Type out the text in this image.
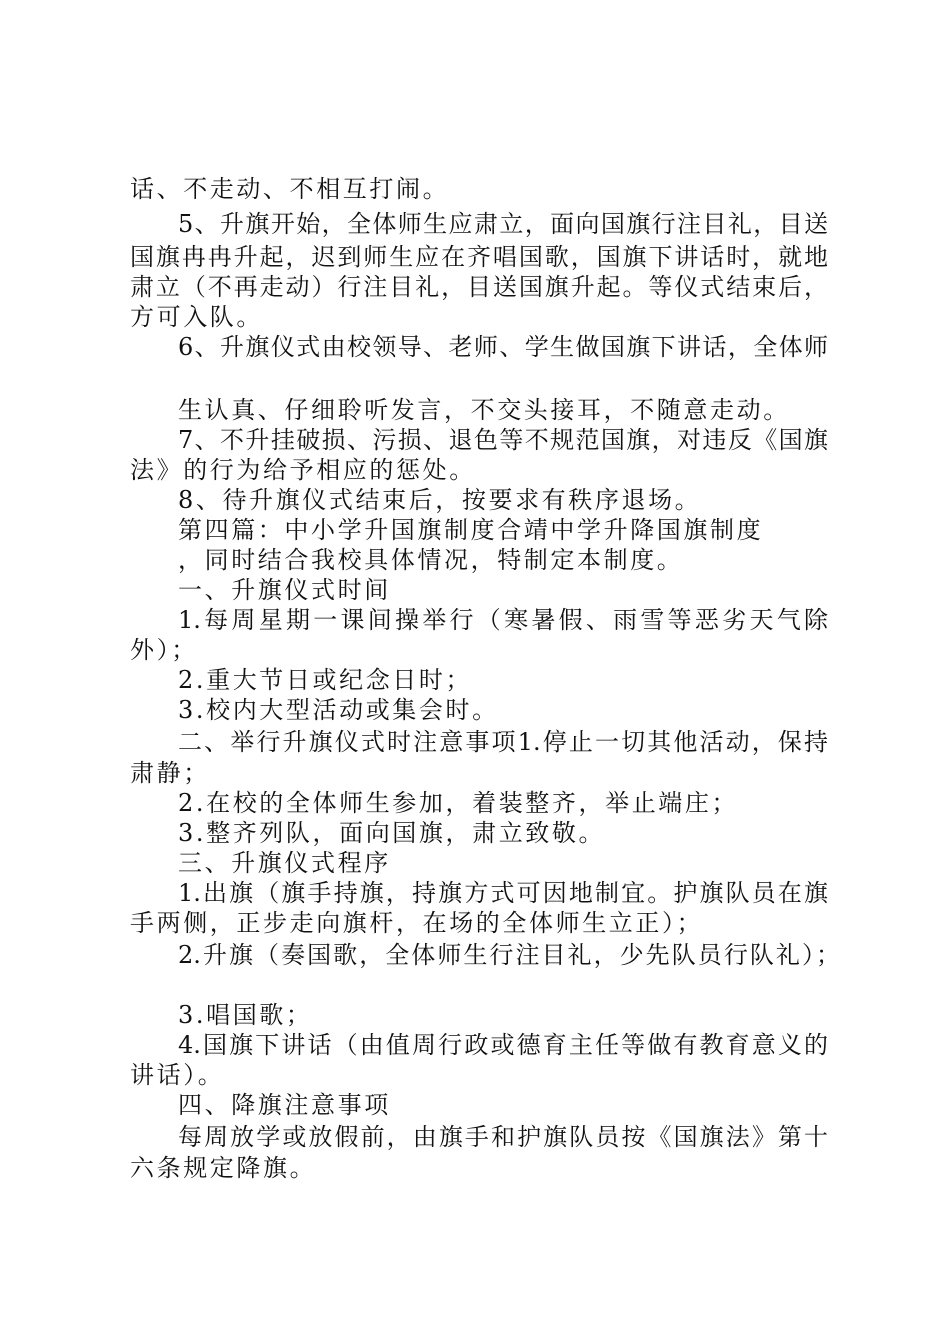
话、不走动、不相互打闹。
5、升旗开始，全体师生应肃立，面向国旗行注目礼，目送
国旗冉冉升起，迟到师生应在齐唱国歌，国旗下讲话时，就地
肃立（不再走动）行注目礼，目送国旗升起。等仪式结束后，
方可入队。
6、升旗仪式由校领导、老师、学生做国旗下讲话，全体师
生认真、仔细聆听发言，不交头接耳，不随意走动。
7、不升挂破损、污损、退色等不规范国旗，对违反《国旗
法》的行为给予相应的惩处。
8、待升旗仪式结束后，按要求有秩序退场。
第四篇：中小学升国旗制度合靖中学升降国旗制度
，同时结合我校具体情况，特制定本制度。
一、升旗仪式时间
1.每周星期一课间操举行（寒暑假、雨雪等恶劣天气除
外）；
2.重大节日或纪念日时；
3.校内大型活动或集会时。
二、举行升旗仪式时注意事项1.停止一切其他活动，保持
肃静；
2.在校的全体师生参加，着装整齐，举止端庄；
3.整齐列队，面向国旗，肃立致敬。
三、升旗仪式程序
1.出旗（旗手持旗，持旗方式可因地制宜。护旗队员在旗
手两侧，正步走向旗杆，在场的全体师生立正）；
2.升旗（奏国歌，全体师生行注目礼，少先队员行队礼）；
3.唱国歌；
4.国旗下讲话（由值周行政或德育主任等做有教育意义的
讲话）。
四、降旗注意事项
每周放学或放假前，由旗手和护旗队员按《国旗法》第十
六条规定降旗。
